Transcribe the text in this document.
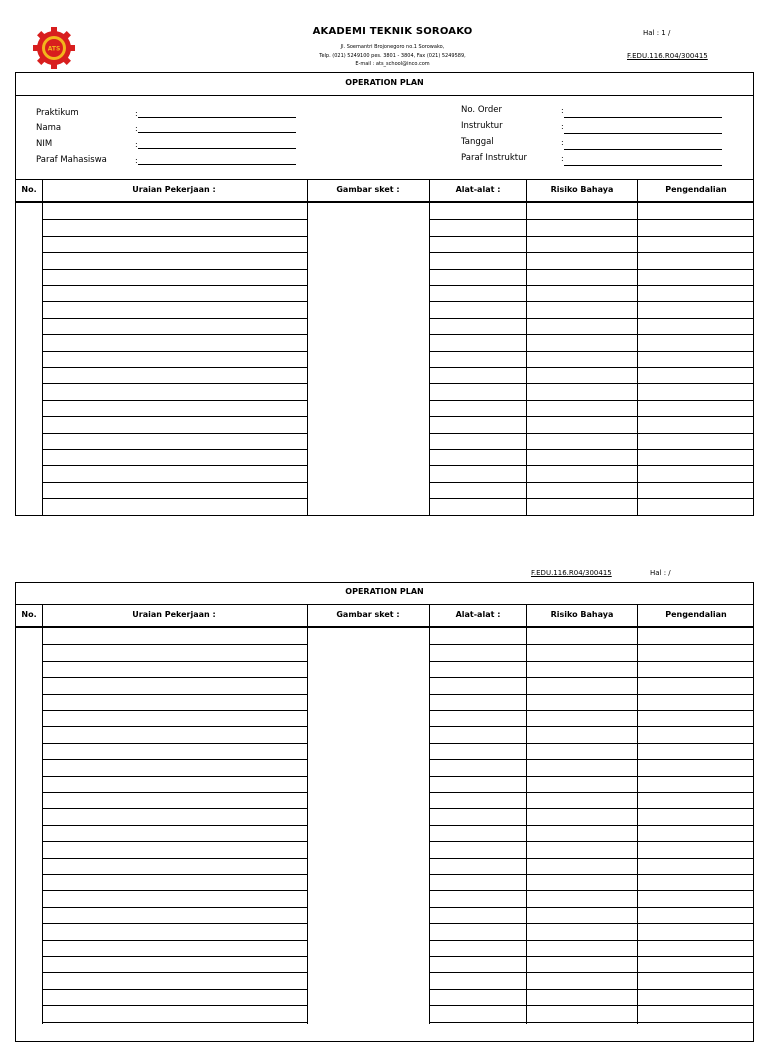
ATS
AKADEMI TEKNIK SOROAKO
Jl. Soemantri Brojonegoro no.1 Sorowako,
Telp. (021) 5249100 pes. 3801 - 3804, Fax (021) 5249589,
E-mail : ats_school@inco.com
Hal : 1 /
F.EDU.116.R04/300415
OPERATION PLAN
Praktikum	:
Nama	:
NIM	:
Paraf Mahasiswa	:
No. Order	:
Instruktur	:
Tanggal	:
Paraf Instruktur	:
No.	Uraian Pekerjaan :	Gambar sket :	Alat-alat :	Risiko Bahaya	Pengendalian
F.EDU.116.R04/300415	Hal : /
OPERATION PLAN
No.	Uraian Pekerjaan :	Gambar sket :	Alat-alat :	Risiko Bahaya	Pengendalian
